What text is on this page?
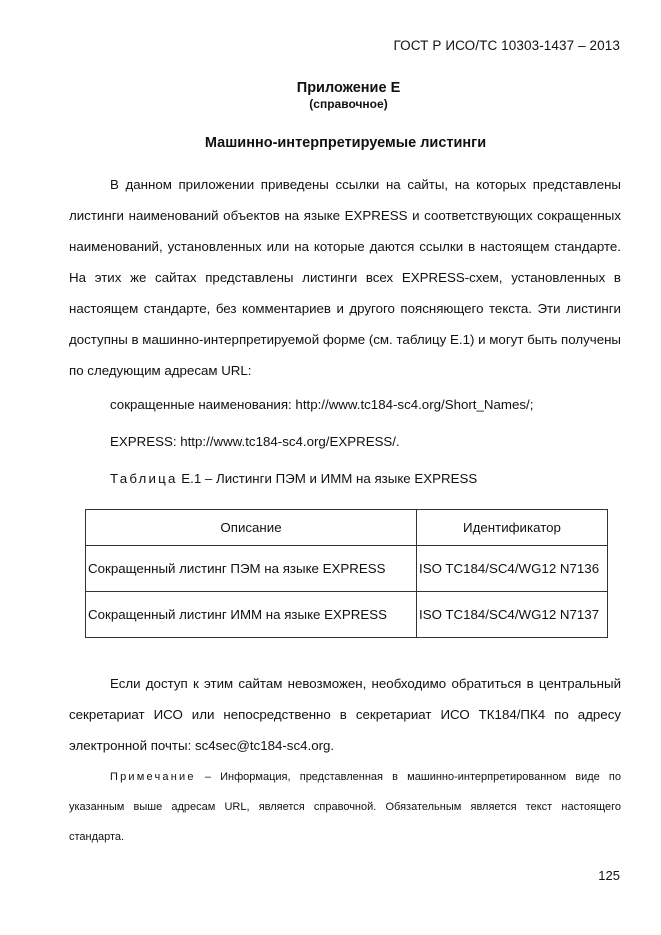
ГОСТ Р ИСО/ТС 10303-1437 – 2013
Приложение Е
(справочное)
Машинно-интерпретируемые листинги
В данном приложении приведены ссылки на сайты, на которых представлены листинги наименований объектов на языке EXPRESS и соответствующих сокращенных наименований, установленных или на которые даются ссылки в настоящем стандарте. На этих же сайтах представлены листинги всех EXPRESS-схем, установленных в настоящем стандарте, без комментариев и другого поясняющего текста. Эти листинги доступны в машинно-интерпретируемой форме (см. таблицу Е.1) и могут быть получены по следующим адресам URL:
сокращенные наименования: http://www.tc184-sc4.org/Short_Names/;
EXPRESS: http://www.tc184-sc4.org/EXPRESS/.
Таблица Е.1 – Листинги ПЭМ и ИММ на языке EXPRESS
Описание	Идентификатор
Сокращенный листинг ПЭМ на языке EXPRESS	ISO TC184/SC4/WG12 N7136
Сокращенный листинг ИММ на языке EXPRESS	ISO TC184/SC4/WG12 N7137
Если доступ к этим сайтам невозможен, необходимо обратиться в центральный секретариат ИСО или непосредственно в секретариат ИСО ТК184/ПК4 по адресу электронной почты: sc4sec@tc184-sc4.org.
Примечание – Информация, представленная в машинно-интерпретированном виде по указанным выше адресам URL, является справочной. Обязательным является текст настоящего стандарта.
125
